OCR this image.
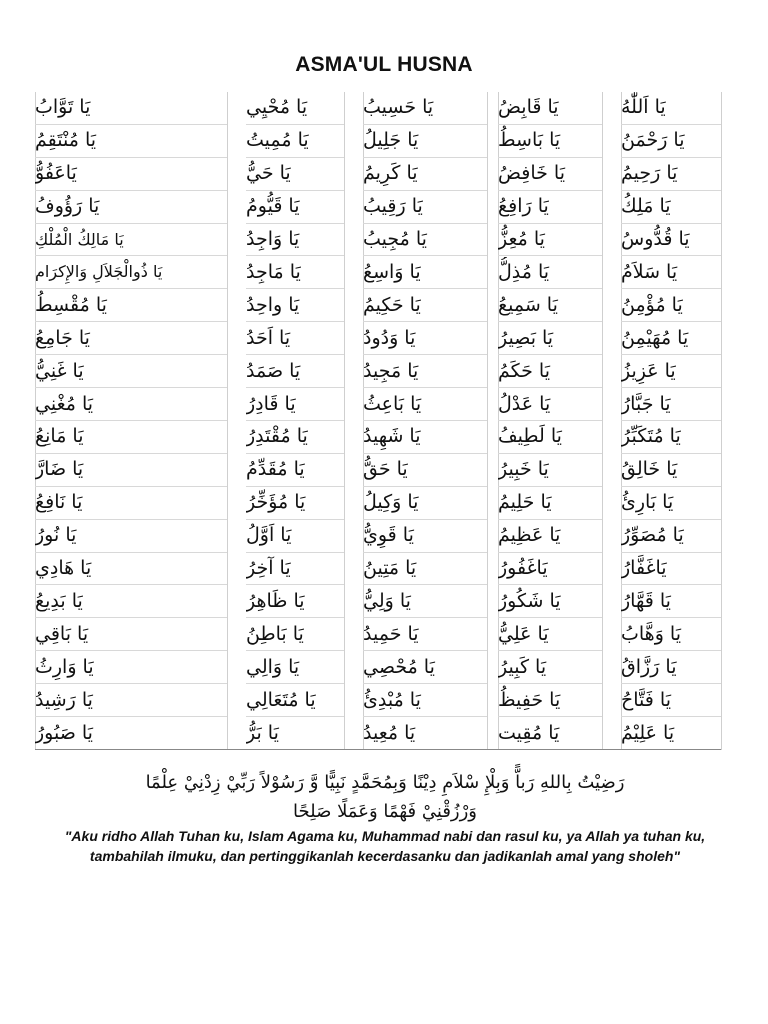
ASMA'UL HUSNA
يَا اَللّٰهُ
يَا رَحْمَنُ
يَا رَحِيمُ
يَا مَلِكُ
يَا قُدُّوسُ
يَا سَلاَمُ
يَا مُؤْمِنُ
يَا مُهَيْمِنُ
يَا عَزِيزُ
يَا جَبَّارُ
يَا مُتَكَبِّرُ
يَا خَالِقُ
يَا بَارِئُ
يَا مُصَوِّرُ
يَاغَفَّارُ
يَا قَهَّارُ
يَا وَهَّابُ
يَا رَزَّاقُ
يَا فَتَّاحُ
يَا عَلِيْمُ
يَا قَابِضُ
يَا بَاسِطُ
يَا خَافِضُ
يَا رَافِعُ
يَا مُعِزُّ
يَا مُذِلُّ
يَا سَمِيعُ
يَا بَصِيرُ
يَا حَكَمُ
يَا عَدْلُ
يَا لَطِيفُ
يَا خَبِيرُ
يَا حَلِيمُ
يَا عَظِيمُ
يَاغَفُورُ
يَا شَكُورُ
يَا عَلِيُّ
يَا كَبِيرُ
يَا حَفِيظُ
يَا مُقِيت
يَا حَسِيبُ
يَا جَلِيلُ
يَا كَرِيمُ
يَا رَقِيبُ
يَا مُجِيبُ
يَا وَاسِعُ
يَا حَكِيمُ
يَا وَدُودُ
يَا مَجِيدُ
يَا بَاعِثُ
يَا شَهِيدُ
يَا حَقُّ
يَا وَكِيلُ
يَا قَوِيُّ
يَا مَتِينُ
يَا وَلِيُّ
يَا حَمِيدُ
يَا مُحْصِي
يَا مُبْدِئُ
يَا مُعِيدُ
يَا مُحْيِي
يَا مُمِيتُ
يَا حَيُّ
يَا قَيُّومُ
يَا وَاجِدُ
يَا مَاجِدُ
يَا واحِدُ
يَا اَحَدُ
يَا صَمَدُ
يَا قَادِرُ
يَا مُقْتَدِرُ
يَا مُقَدِّمُ
يَا مُؤَخِّرُ
يَا اَوَّلُ
يَا آخِرُ
يَا ظَاهِرُ
يَا بَاطِنُ
يَا وَالِي
يَا مُتَعَالِي
يَا بَرُّ
يَا تَوَّابُ
يَا مُنْتَقِمُ
يَاعَفُوُّ
يَا رَؤُوفُ
يَا مَالِكُ الْمُلْكِ
يَا ذُوالْجَلاَلِ وَالإِكرَام
يَا مُقْسِطُ
يَا جَامِعُ
يَا غَنِيُّ
يَا مُغْنِي
يَا مَانِعُ
يَا ضَارَّ
يَا نَافِعُ
يَا نُورُ
يَا هَادِي
يَا بَدِيعُ
يَا بَاقِي
يَا وَارِثُ
يَا رَشِيدُ
يَا صَبُورُ
رَضِيْتُ بِاللهِ رَباًّ وَبِلْإِ سْلاَمِ دِيْنًا وَبِمُحَمَّدٍ نَبِيًّا وَّ رَسُوْلاً رَبِّيْ زِدْنِيْ عِلْمًا
وَرْزُقْنِيْ فَهْمًا وَعَمَلًا صَلِحًا
"Aku ridho Allah Tuhan ku, Islam Agama ku, Muhammad nabi dan rasul ku, ya Allah ya tuhan ku, tambahilah ilmuku, dan pertinggikanlah kecerdasanku dan jadikanlah amal yang sholeh"
